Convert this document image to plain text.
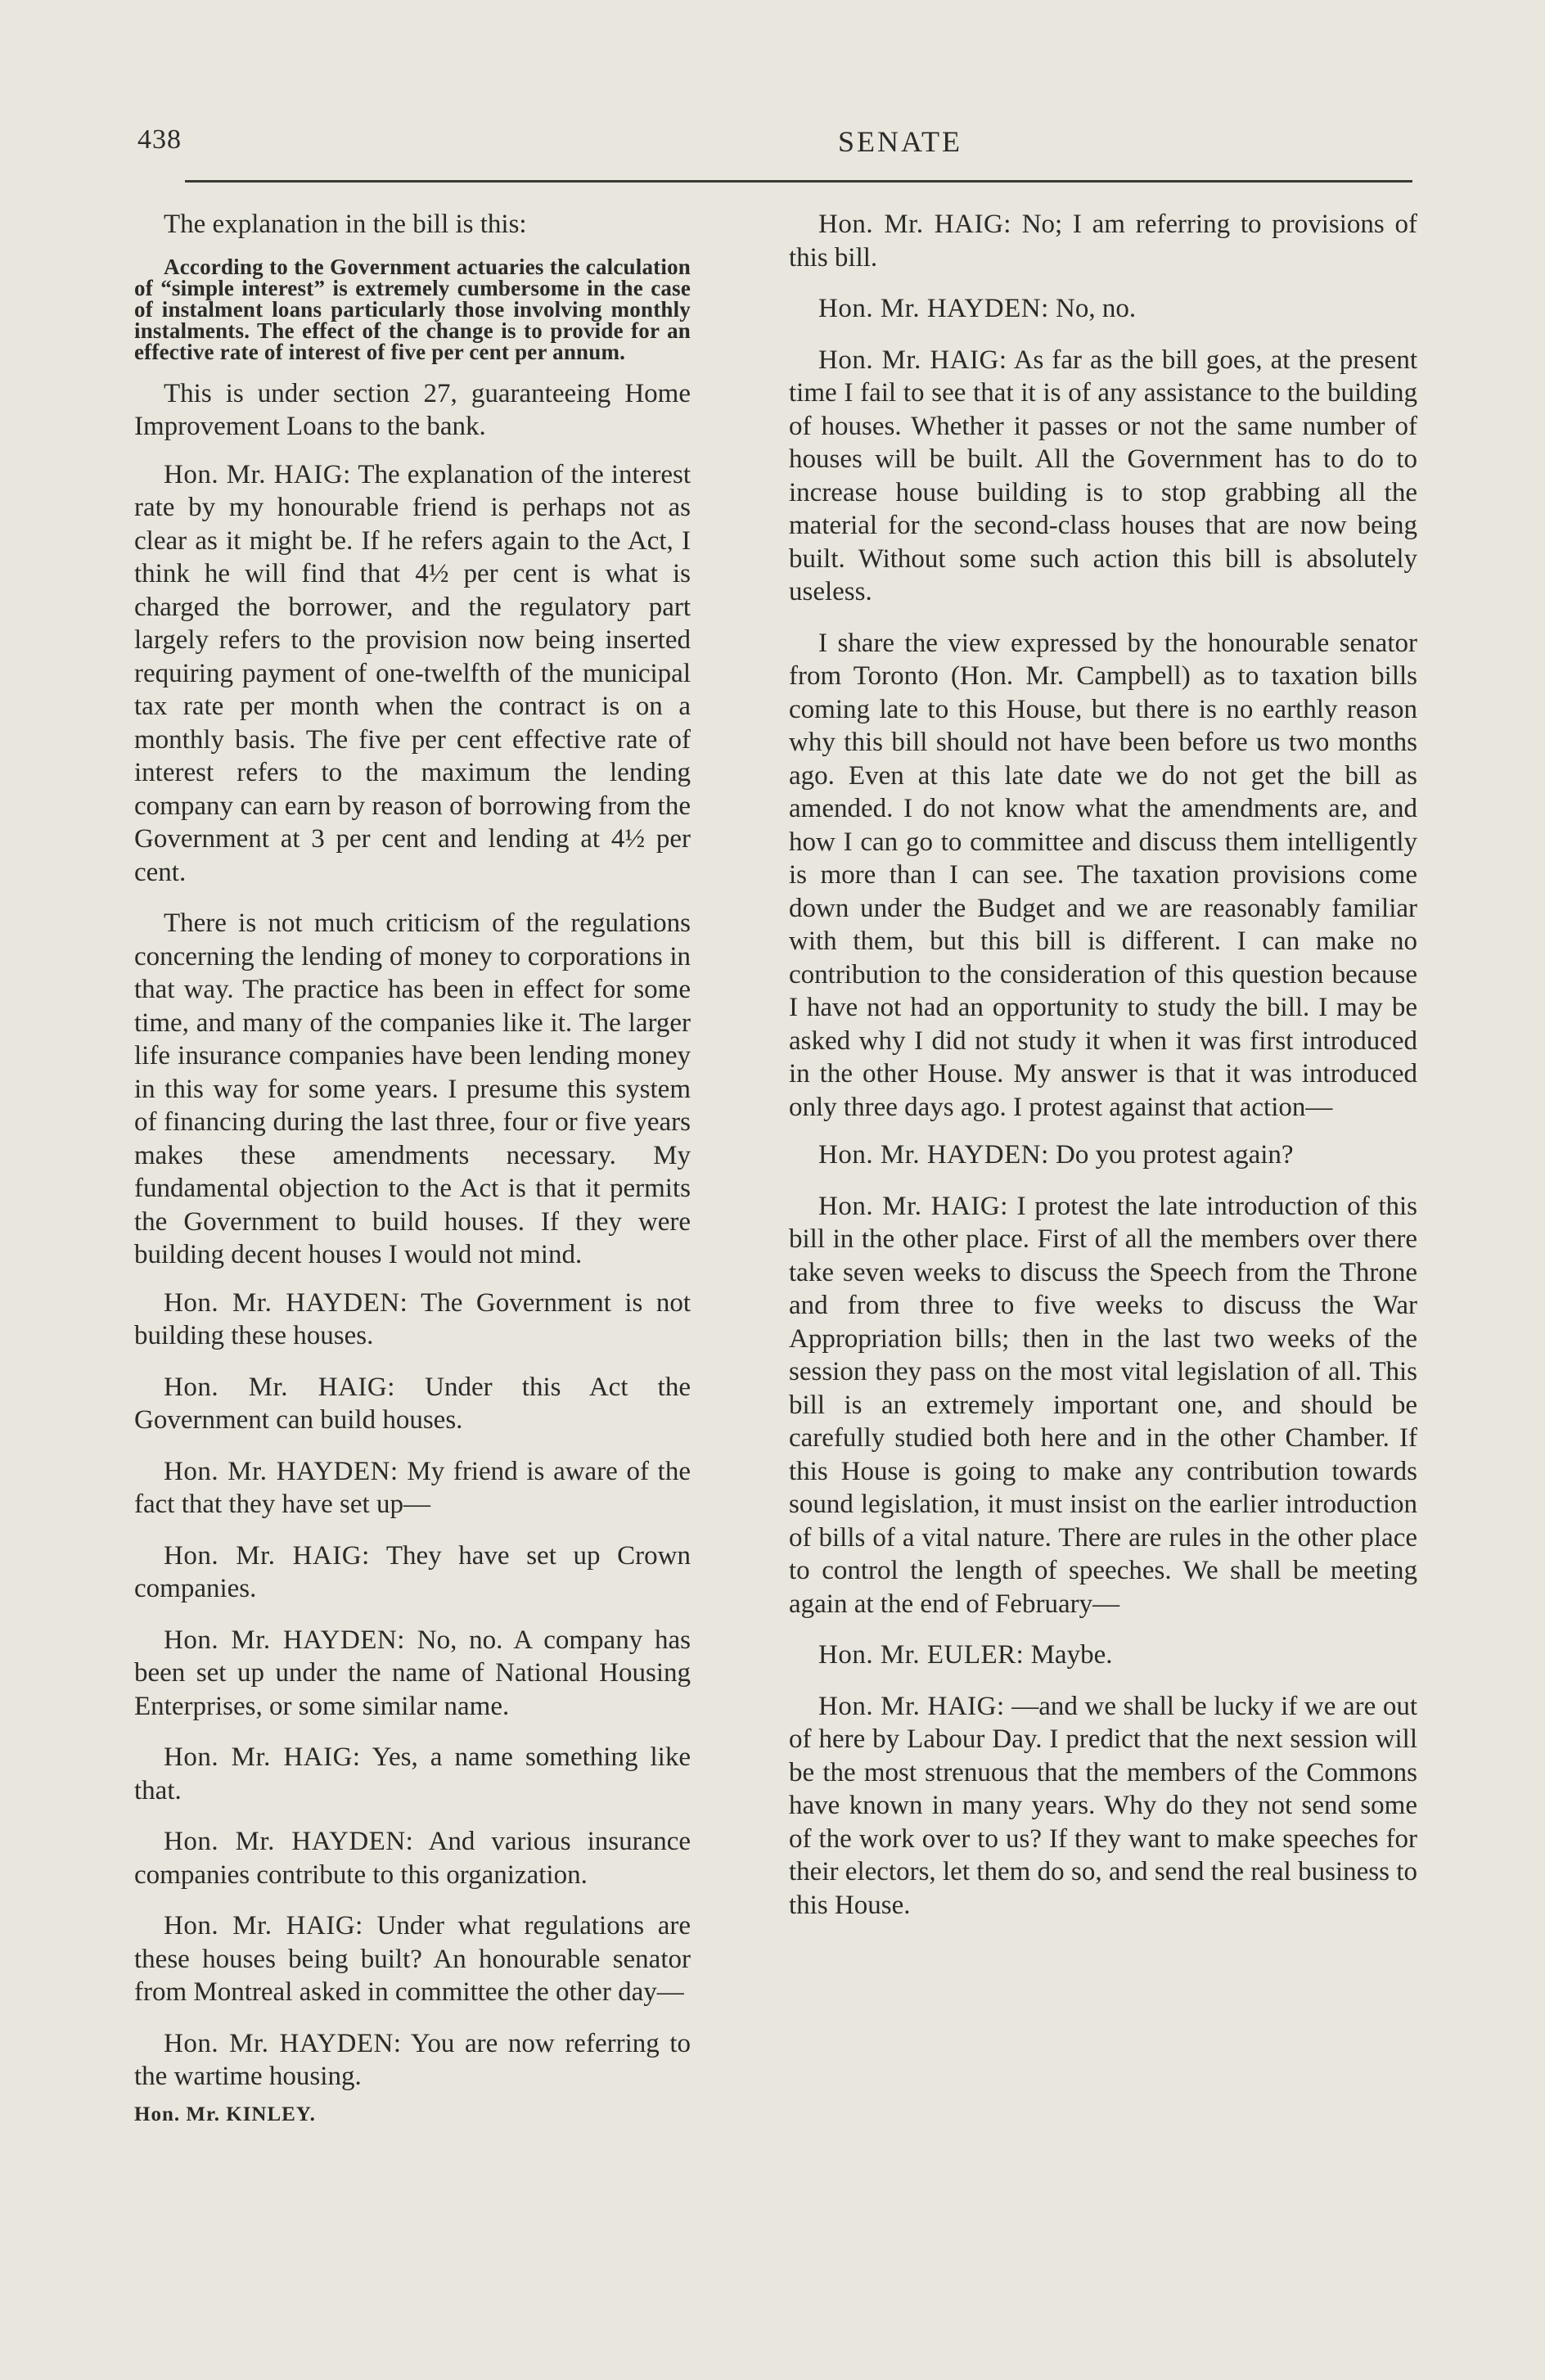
438	SENATE

The explanation in the bill is this:

According to the Government actuaries the calculation of “simple interest” is extremely cumbersome in the case of instalment loans particularly those involving monthly instalments. The effect of the change is to provide for an effective rate of interest of five per cent per annum.

This is under section 27, guaranteeing Home Improvement Loans to the bank.

Hon. Mr. HAIG: The explanation of the interest rate by my honourable friend is perhaps not as clear as it might be. If he refers again to the Act, I think he will find that 4½ per cent is what is charged the borrower, and the regulatory part largely refers to the provision now being inserted requiring payment of one-twelfth of the municipal tax rate per month when the contract is on a monthly basis. The five per cent effective rate of interest refers to the maximum the lending company can earn by reason of borrowing from the Government at 3 per cent and lending at 4½ per cent.

There is not much criticism of the regulations concerning the lending of money to corporations in that way. The practice has been in effect for some time, and many of the companies like it. The larger life insurance companies have been lending money in this way for some years. I presume this system of financing during the last three, four or five years makes these amendments necessary. My fundamental objection to the Act is that it permits the Government to build houses. If they were building decent houses I would not mind.

Hon. Mr. HAYDEN: The Government is not building these houses.

Hon. Mr. HAIG: Under this Act the Government can build houses.

Hon. Mr. HAYDEN: My friend is aware of the fact that they have set up—

Hon. Mr. HAIG: They have set up Crown companies.

Hon. Mr. HAYDEN: No, no. A company has been set up under the name of National Housing Enterprises, or some similar name.

Hon. Mr. HAIG: Yes, a name something like that.

Hon. Mr. HAYDEN: And various insurance companies contribute to this organization.

Hon. Mr. HAIG: Under what regulations are these houses being built? An honourable senator from Montreal asked in committee the other day—

Hon. Mr. HAYDEN: You are now referring to the wartime housing.

Hon. Mr. KINLEY.

Hon. Mr. HAIG: No; I am referring to provisions of this bill.

Hon. Mr. HAYDEN: No, no.

Hon. Mr. HAIG: As far as the bill goes, at the present time I fail to see that it is of any assistance to the building of houses. Whether it passes or not the same number of houses will be built. All the Government has to do to increase house building is to stop grabbing all the material for the second-class houses that are now being built. Without some such action this bill is absolutely useless.

I share the view expressed by the honourable senator from Toronto (Hon. Mr. Campbell) as to taxation bills coming late to this House, but there is no earthly reason why this bill should not have been before us two months ago. Even at this late date we do not get the bill as amended. I do not know what the amendments are, and how I can go to committee and discuss them intelligently is more than I can see. The taxation provisions come down under the Budget and we are reasonably familiar with them, but this bill is different. I can make no contribution to the consideration of this question because I have not had an opportunity to study the bill. I may be asked why I did not study it when it was first introduced in the other House. My answer is that it was introduced only three days ago. I protest against that action—

Hon. Mr. HAYDEN: Do you protest again?

Hon. Mr. HAIG: I protest the late introduction of this bill in the other place. First of all the members over there take seven weeks to discuss the Speech from the Throne and from three to five weeks to discuss the War Appropriation bills; then in the last two weeks of the session they pass on the most vital legislation of all. This bill is an extremely important one, and should be carefully studied both here and in the other Chamber. If this House is going to make any contribution towards sound legislation, it must insist on the earlier introduction of bills of a vital nature. There are rules in the other place to control the length of speeches. We shall be meeting again at the end of February—

Hon. Mr. EULER: Maybe.

Hon. Mr. HAIG: —and we shall be lucky if we are out of here by Labour Day. I predict that the next session will be the most strenuous that the members of the Commons have known in many years. Why do they not send some of the work over to us? If they want to make speeches for their electors, let them do so, and send the real business to this House.
